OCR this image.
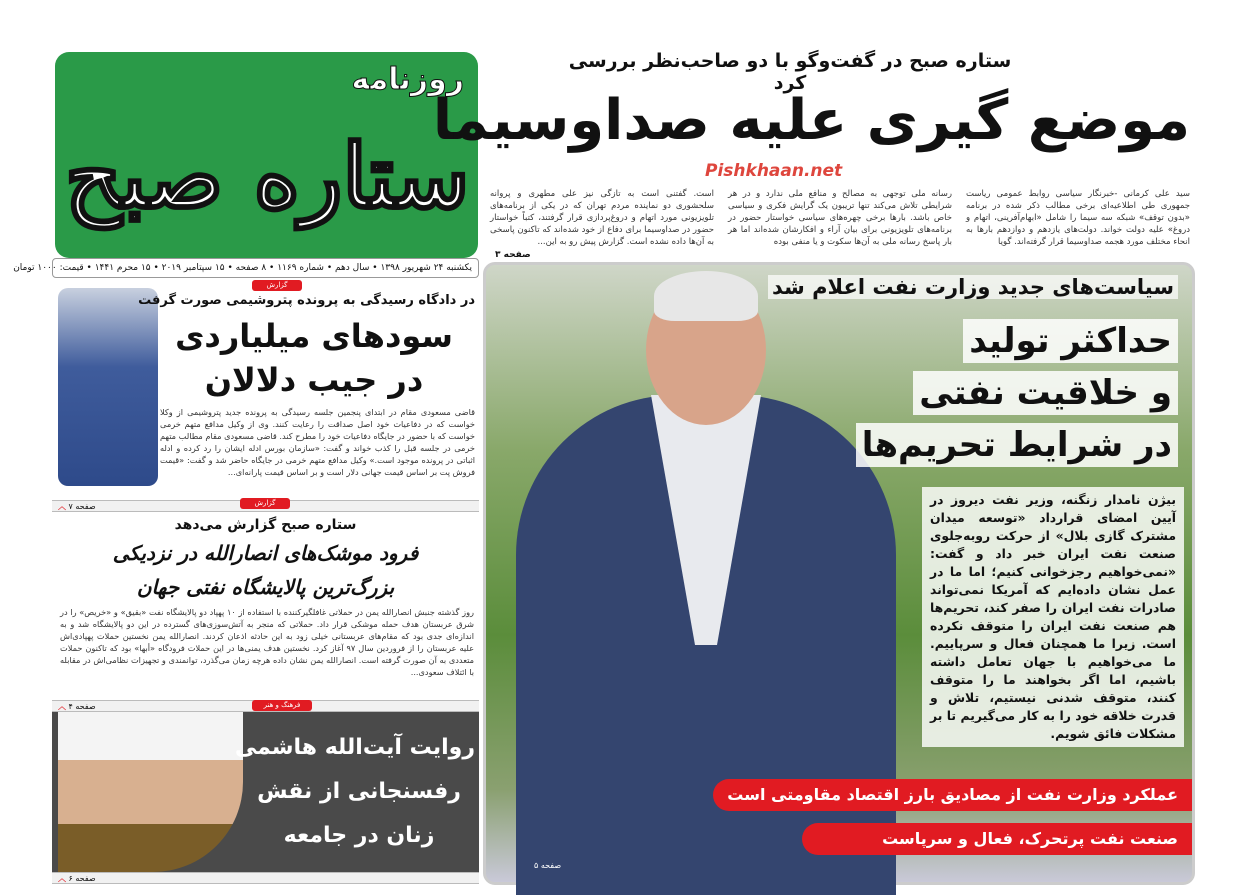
روزنامه
ستاره صبح
یکشنبه ۲۴ شهریور ۱۳۹۸ • سال دهم • شماره ۱۱۶۹ • ۸ صفحه • ۱۵ سپتامبر ۲۰۱۹ • ۱۵ محرم ۱۴۴۱ • قیمت: ۱۰۰۰ تومان
ستاره صبح در گفت‌وگو با دو صاحب‌نظر بررسی کرد
موضع گیری علیه صداوسیما
Pishkhaan.net
سید علی کرمانی -خبرنگار سیاسی روابط عمومی ریاست جمهوری طی اطلاعیه‌ای برخی مطالب ذکر شده در برنامه «بدون توقف» شبکه سه سیما را شامل «ابهام‌آفرینی، اتهام و دروغ» علیه دولت خواند. دولت‌های یازدهم و دوازدهم بارها به انحاء مختلف مورد هجمه صداوسیما قرار گرفته‌اند. گویا
رسانه ملی توجهی به مصالح و منافع ملی ندارد و در هر شرایطی تلاش می‌کند تنها تریبون یک گرایش فکری و سیاسی خاص باشد. بارها برخی چهره‌های سیاسی خواستار حضور در برنامه‌های تلویزیونی برای بیان آراء و افکارشان شده‌اند اما هر بار پاسخ رسانه ملی به آن‌ها سکوت و یا منفی بوده
است. گفتنی است به تازگی نیز علی مطهری و پروانه سلحشوری دو نماینده مردم تهران که در یکی از برنامه‌های تلویزیونی مورد اتهام و دروغ‌پردازی قرار گرفتند، کتباً خواستار حضور در صداوسیما برای دفاع از خود شده‌اند که تاکنون پاسخی به آن‌ها داده نشده است. گزارش پیش رو به این...
صفحه ۳
سیاست‌های جدید وزارت نفت اعلام شد
حداکثر تولید
و خلاقیت نفتی
در شرایط تحریم‌ها
بیژن نامدار زنگنه، وزیر نفت دیروز در آیین امضای قرارداد «توسعه میدان مشترک گازی بلال» از حرکت روبه‌جلوی صنعت نفت ایران خبر داد و گفت: «نمی‌خواهیم رجزخوانی کنیم؛ اما ما در عمل نشان داده‌ایم که آمریکا نمی‌تواند صادرات نفت ایران را صفر کند، تحریم‌ها هم صنعت نفت ایران را متوقف نکرده است. زیرا ما همچنان فعال و سرپاییم. ما می‌خواهیم با جهان تعامل داشته باشیم، اما اگر بخواهند ما را متوقف کنند، متوقف شدنی نیستیم، تلاش و قدرت خلاقه خود را به کار می‌گیریم تا بر مشکلات فائق شویم.
عملکرد وزارت نفت از مصادیق بارز اقتصاد مقاومتی است
صنعت نفت پرتحرک، فعال و سرپاست
صفحه ۵
گزارش
در دادگاه رسیدگی به پرونده پتروشیمی صورت گرفت
سودهای میلیاردی
در جیب دلالان
قاضی مسعودی مقام در ابتدای پنجمین جلسه رسیدگی به پرونده جدید پتروشیمی از وکلا خواست که در دفاعیات خود اصل صداقت را رعایت کنند. وی از وکیل مدافع متهم خرمی خواست که با حضور در جایگاه دفاعیات خود را مطرح کند. قاضی مسعودی مقام مطالب متهم خرمی در جلسه قبل را کذب خواند و گفت: «سازمان بورس ادله ایشان را رد کرده و ادله اثباتی در پرونده موجود است.» وکیل مدافع متهم خرمی در جایگاه حاضر شد و گفت: «قیمت فروش پت بر اساس قیمت جهانی دلار است و بر اساس قیمت پارانه‌ای...
︿ صفحه ۷	گزارش
ستاره صبح گزارش می‌دهد
فرود موشک‌های انصارالله در نزدیکی
بزرگ‌ترین پالایشگاه نفتی جهان
روز گذشته جنبش انصارالله یمن در حملاتی غافلگیرکننده با استفاده از ۱۰ پهپاد دو پالایشگاه نفت «بقیق» و «خریص» را در شرق عربستان هدف حمله موشکی قرار داد. حملاتی که منجر به آتش‌سوزی‌های گسترده در این دو پالایشگاه شد و به اندازه‌ای جدی بود که مقام‌های عربستانی خیلی زود به این حادثه اذعان کردند. انصارالله یمن نخستین حملات پهپادی‌اش علیه عربستان را از فروردین سال ۹۷ آغاز کرد. نخستین هدف یمنی‌ها در این حملات فرودگاه «أبها» بود که تاکنون حملات متعددی به آن صورت گرفته است. انصارالله یمن نشان داده هرچه زمان می‌گذرد، توانمندی و تجهیزات نظامی‌اش در مقابله با ائتلاف سعودی...
︿ صفحه ۴	فرهنگ و هنر
روایت آیت‌الله هاشمی
رفسنجانی از نقش
زنان در جامعه
︿ صفحه ۶
